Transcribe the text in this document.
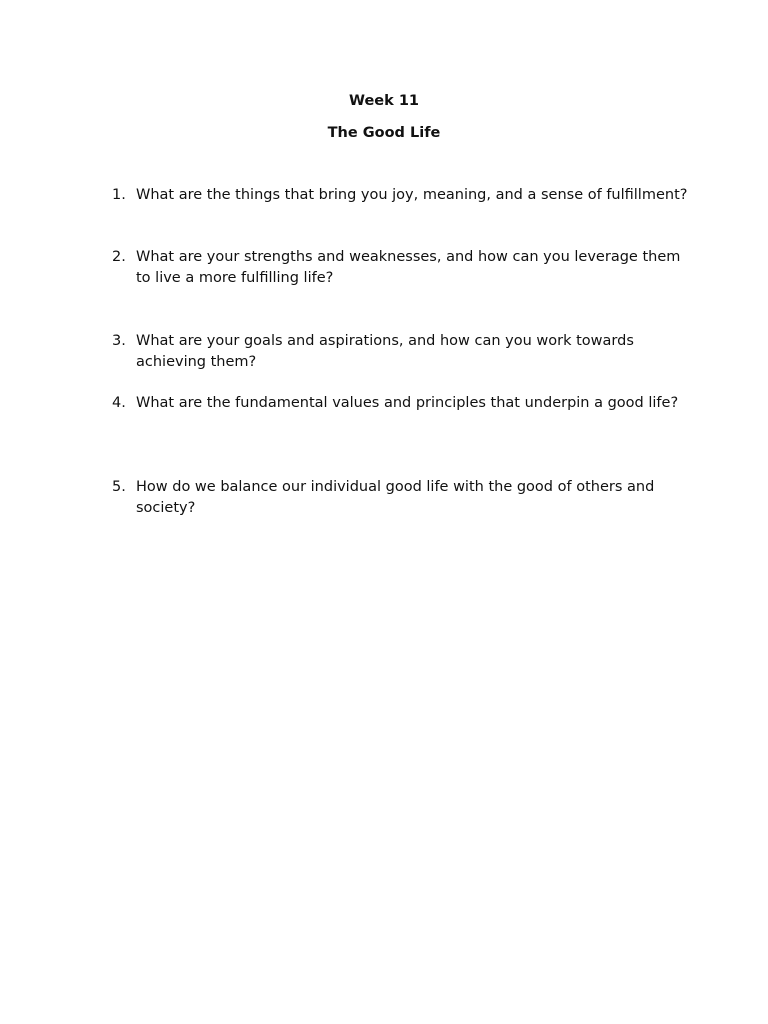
Week 11
The Good Life
1. What are the things that bring you joy, meaning, and a sense of fulfillment?
2. What are your strengths and weaknesses, and how can you leverage them to live a more fulfilling life?
3. What are your goals and aspirations, and how can you work towards achieving them?
4. What are the fundamental values and principles that underpin a good life?
5. How do we balance our individual good life with the good of others and society?
